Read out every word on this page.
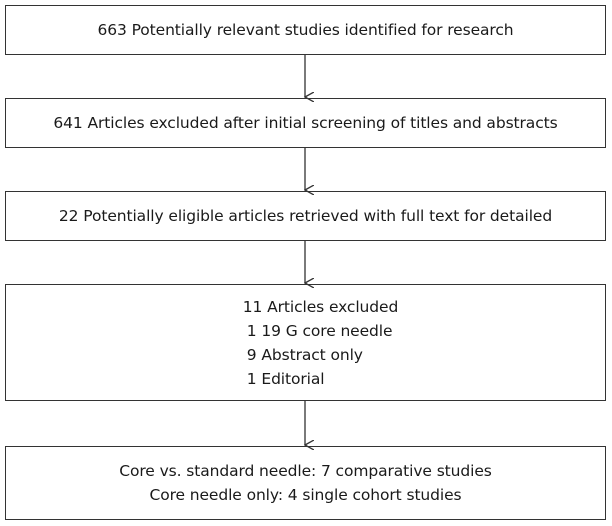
663 Potentially relevant studies identified for research
641 Articles excluded after initial screening of titles and abstracts
22 Potentially eligible articles retrieved with full text for detailed
11 Articles excluded
1 19 G core needle
9 Abstract only
1 Editorial
Core vs. standard needle: 7 comparative studies
Core needle only: 4 single cohort studies
